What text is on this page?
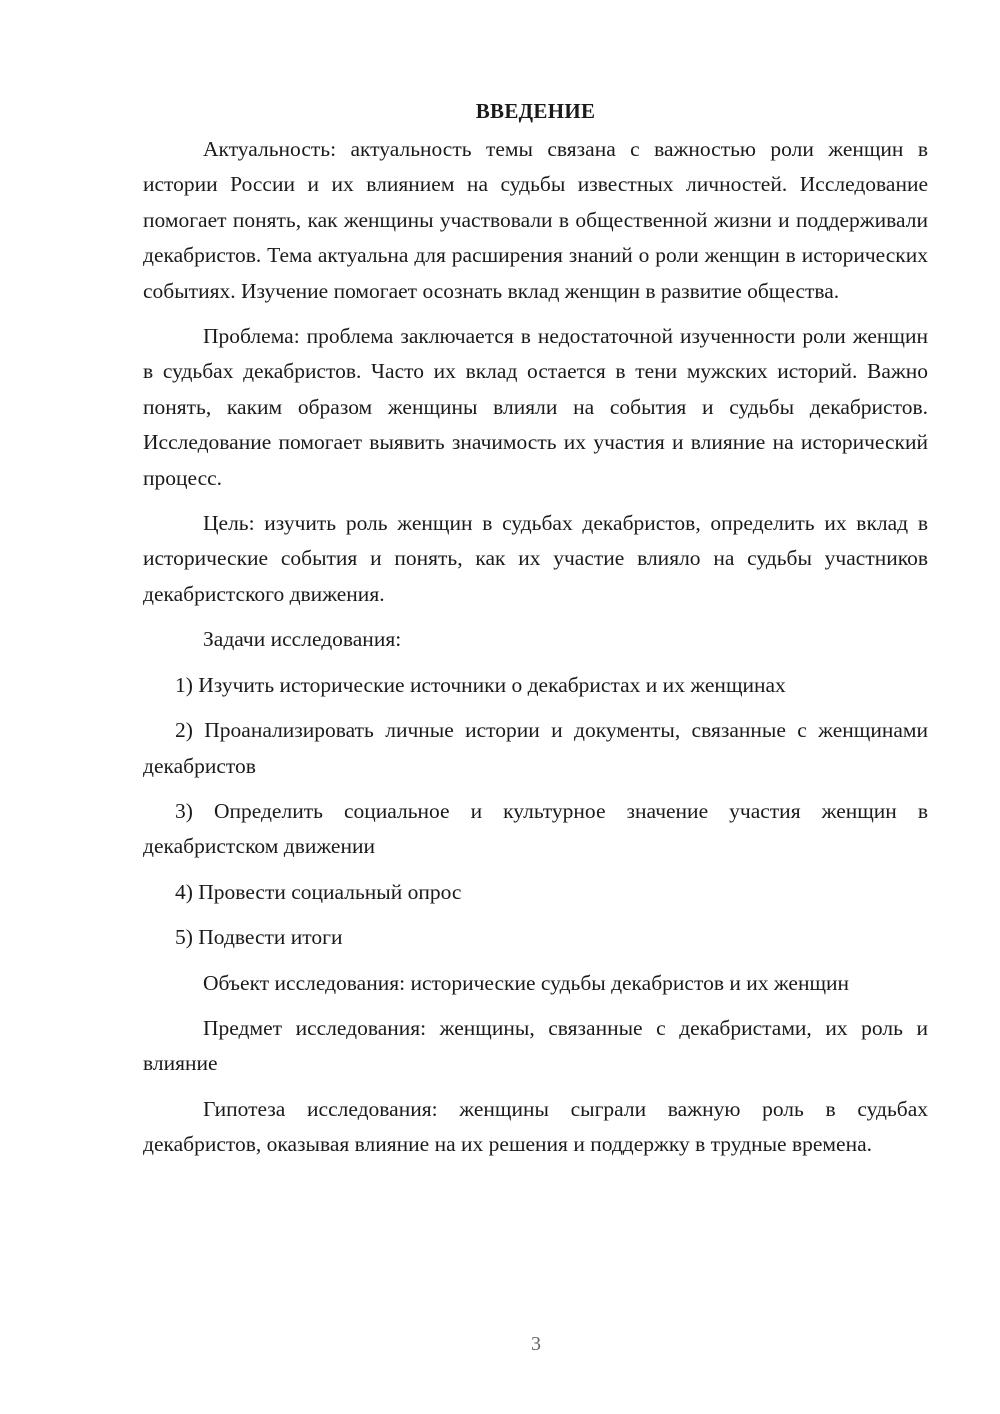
ВВЕДЕНИЕ

Актуальность: актуальность темы связана с важностью роли женщин в истории России и их влиянием на судьбы известных личностей. Исследование помогает понять, как женщины участвовали в общественной жизни и поддерживали декабристов. Тема актуальна для расширения знаний о роли женщин в исторических событиях. Изучение помогает осознать вклад женщин в развитие общества.

Проблема: проблема заключается в недостаточной изученности роли женщин в судьбах декабристов. Часто их вклад остается в тени мужских историй. Важно понять, каким образом женщины влияли на события и судьбы декабристов. Исследование помогает выявить значимость их участия и влияние на исторический процесс.

Цель: изучить роль женщин в судьбах декабристов, определить их вклад в исторические события и понять, как их участие влияло на судьбы участников декабристского движения.

Задачи исследования:

1) Изучить исторические источники о декабристах и их женщинах

2) Проанализировать личные истории и документы, связанные с женщинами декабристов

3) Определить социальное и культурное значение участия женщин в декабристском движении

4) Провести социальный опрос

5) Подвести итоги

Объект исследования: исторические судьбы декабристов и их женщин

Предмет исследования: женщины, связанные с декабристами, их роль и влияние

Гипотеза исследования: женщины сыграли важную роль в судьбах декабристов, оказывая влияние на их решения и поддержку в трудные времена.

3
